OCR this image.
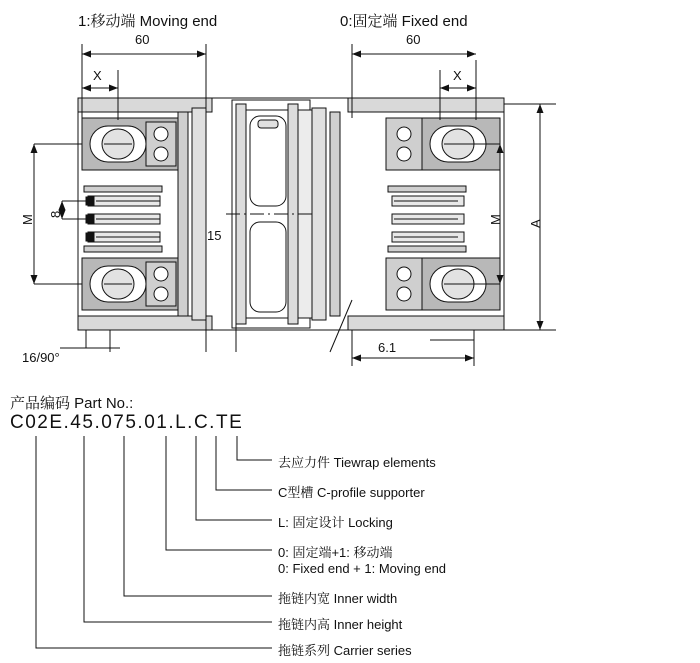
1:移动端 Moving end	0:固定端 Fixed end
60	60
X	X
M 8	M A
15
16/90°
6.1
产品编码 Part No.:
C02E.45.075.01.L.C.TE
去应力件 Tiewrap elements
C型槽 C-profile supporter
L: 固定设计 Locking
0: 固定端+1: 移动端
0: Fixed end + 1: Moving end
拖链内宽 Inner width
拖链内高 Inner height
拖链系列 Carrier series
